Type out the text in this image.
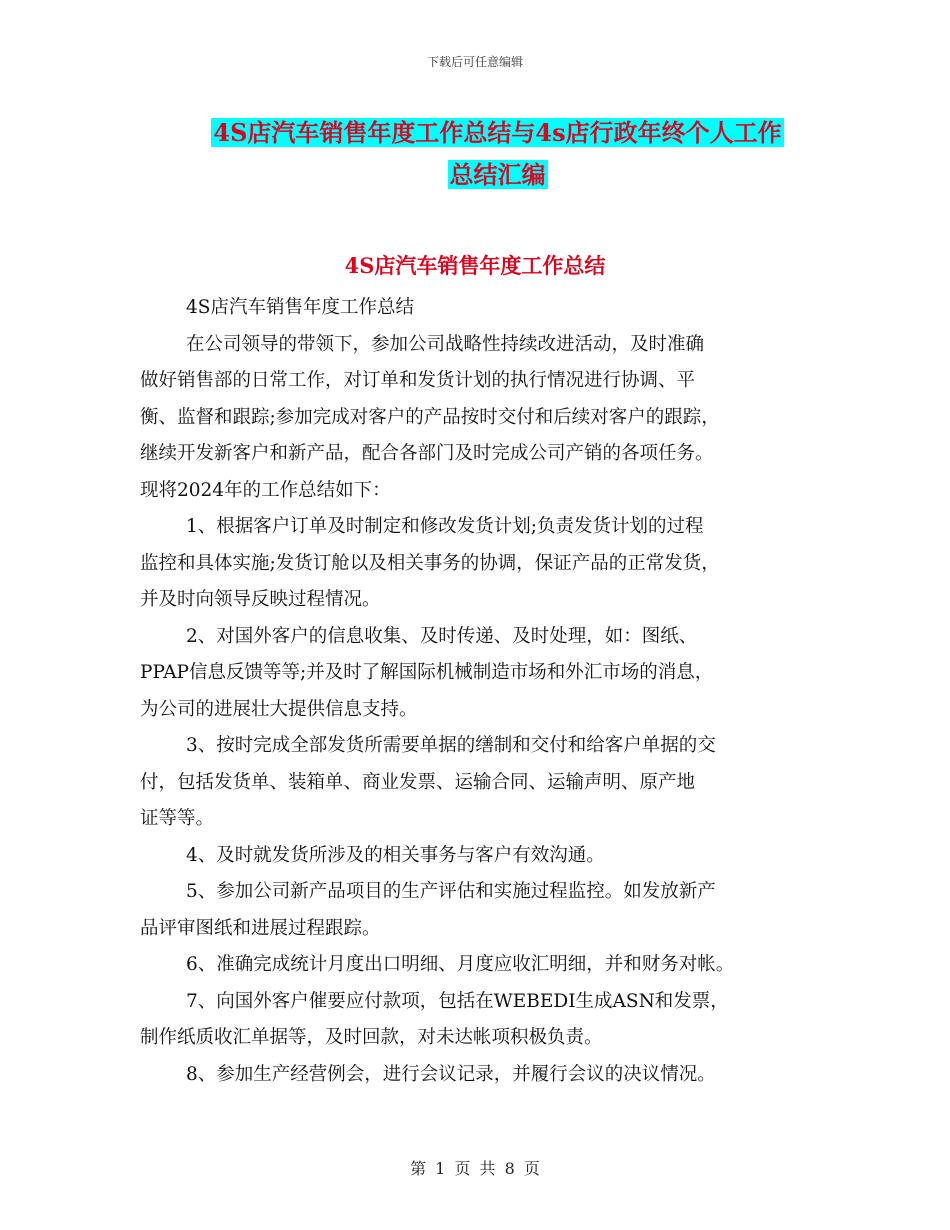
下载后可任意编辑
4S店汽车销售年度工作总结与4s店行政年终个人工作
总结汇编
4S店汽车销售年度工作总结
4S店汽车销售年度工作总结
在公司领导的带领下，参加公司战略性持续改进活动，及时准确
做好销售部的日常工作，对订单和发货计划的执行情况进行协调、平
衡、监督和跟踪;参加完成对客户的产品按时交付和后续对客户的跟踪，
继续开发新客户和新产品，配合各部门及时完成公司产销的各项任务。
现将2024年的工作总结如下：
1、根据客户订单及时制定和修改发货计划;负责发货计划的过程
监控和具体实施;发货订舱以及相关事务的协调，保证产品的正常发货，
并及时向领导反映过程情况。
2、对国外客户的信息收集、及时传递、及时处理，如：图纸、
PPAP信息反馈等等;并及时了解国际机械制造市场和外汇市场的消息，
为公司的进展壮大提供信息支持。
3、按时完成全部发货所需要单据的缮制和交付和给客户单据的交
付，包括发货单、装箱单、商业发票、运输合同、运输声明、原产地
证等等。
4、及时就发货所涉及的相关事务与客户有效沟通。
5、参加公司新产品项目的生产评估和实施过程监控。如发放新产
品评审图纸和进展过程跟踪。
6、准确完成统计月度出口明细、月度应收汇明细，并和财务对帐。
7、向国外客户催要应付款项，包括在WEBEDI生成ASN和发票，
制作纸质收汇单据等，及时回款，对未达帐项积极负责。
8、参加生产经营例会，进行会议记录，并履行会议的决议情况。
第 1 页 共 8 页
